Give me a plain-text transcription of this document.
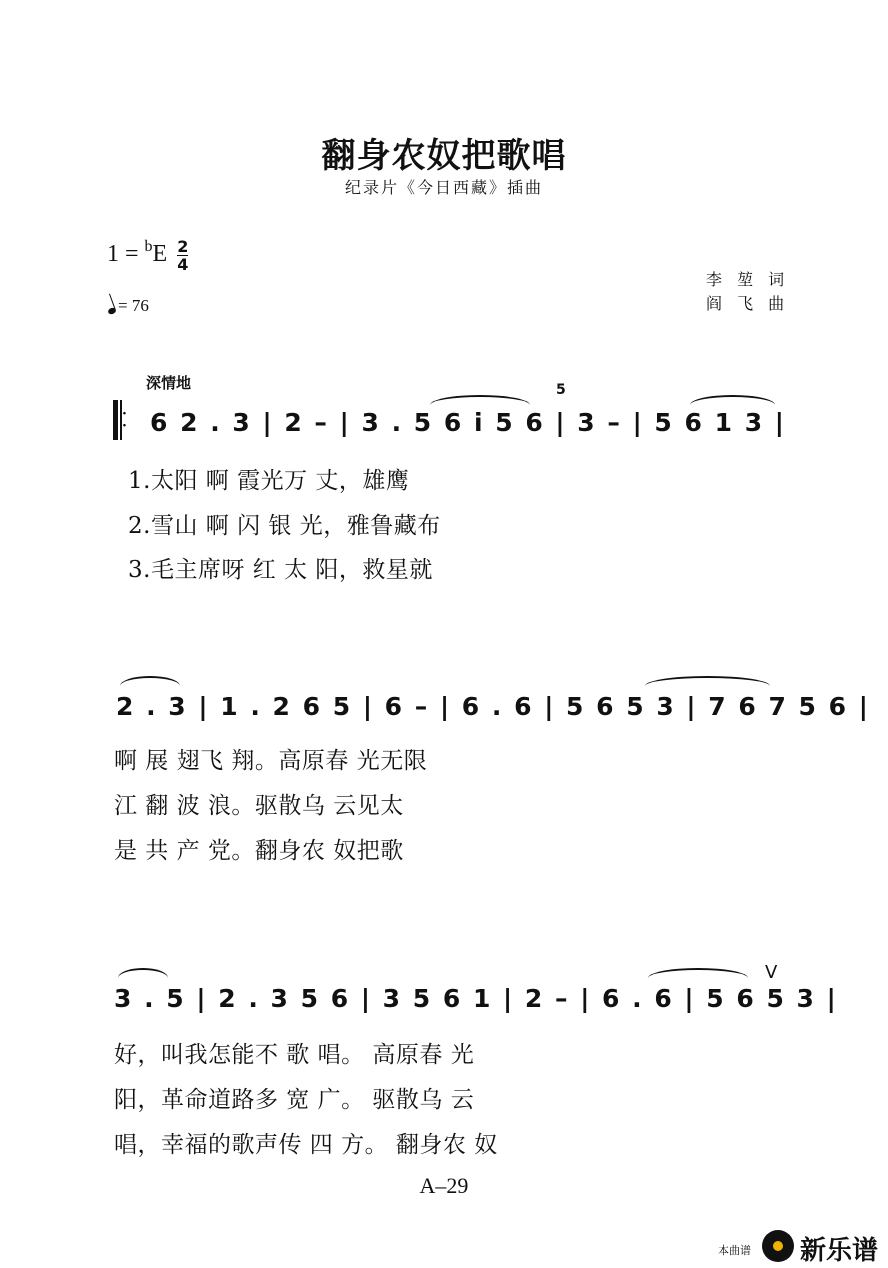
翻身农奴把歌唱
纪录片《今日西藏》插曲
$1 = ^bE \frac{2}{4}$
= 76
李 堃 词
阎 飞 曲
深情地
·
· 6 2 . 3 | 2 – | 3 . 5 6 i 5 6 | 3 – | 5 6 1 3 |
5
1.太阳 啊 霞光万 丈，雄鹰
2.雪山 啊 闪 银 光，雅鲁藏布
3.毛主席呀 红 太 阳，救星就
2 . 3 | 1 . 2 6 5 | 6 – | 6 . 6 | 5 6 5 3 | 7 6 7 5 6 |
啊 展 翅飞 翔。高原春 光无限
江 翻 波 浪。驱散乌 云见太
是 共 产 党。翻身农 奴把歌
3 . 5 | 2 . 3 5 6 | 3 5 6 1 | 2 – | 6 . 6 | 5 6 5 3 |
V
好，叫我怎能不 歌 唱。 高原春 光
阳，革命道路多 宽 广。 驱散乌 云
唱，幸福的歌声传 四 方。 翻身农 奴
A–29
本曲谱 新乐谱
